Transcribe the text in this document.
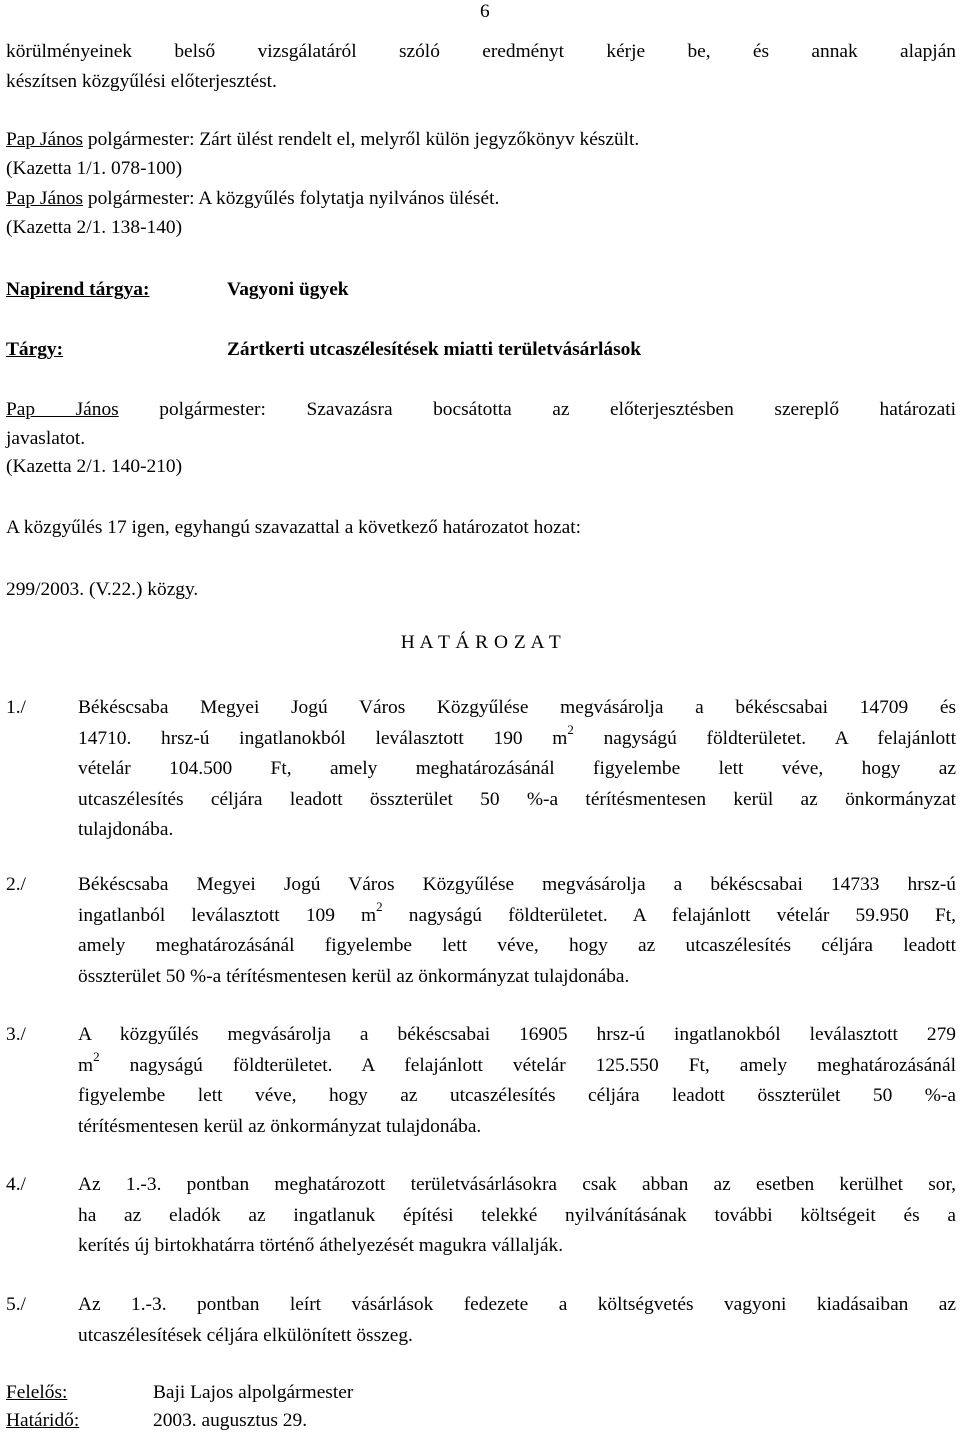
6
körülményeinek belső vizsgálatáról szóló eredményt kérje be, és annak alapján
készítsen közgyűlési előterjesztést.
Pap János polgármester: Zárt ülést rendelt el, melyről külön jegyzőkönyv készült.
(Kazetta 1/1. 078-100)
Pap János polgármester: A közgyűlés folytatja nyilvános ülését.
(Kazetta 2/1. 138-140)
Napirend tárgya:	Vagyoni ügyek
Tárgy:	Zártkerti utcaszélesítések miatti területvásárlások
Pap János polgármester: Szavazásra bocsátotta az előterjesztésben szereplő határozati
javaslatot.
(Kazetta 2/1. 140-210)
A közgyűlés 17 igen, egyhangú szavazattal a következő határozatot hozat:
299/2003. (V.22.) közgy.
H A T Á R O Z A T
1./	Békéscsaba Megyei Jogú Város Közgyűlése megvásárolja a békéscsabai 14709 és
14710. hrsz-ú ingatlanokból leválasztott 190 $m^2$ nagyságú földterületet. A felajánlott
vételár 104.500 Ft, amely meghatározásánál figyelembe lett véve, hogy az
utcaszélesítés céljára leadott összterület 50 %-a térítésmentesen kerül az önkormányzat
tulajdonába.
2./	Békéscsaba Megyei Jogú Város Közgyűlése megvásárolja a békéscsabai 14733 hrsz-ú
ingatlanból leválasztott 109 $m^2$ nagyságú földterületet. A felajánlott vételár 59.950 Ft,
amely meghatározásánál figyelembe lett véve, hogy az utcaszélesítés céljára leadott
összterület 50 %-a térítésmentesen kerül az önkormányzat tulajdonába.
3./	A közgyűlés megvásárolja a békéscsabai 16905 hrsz-ú ingatlanokból leválasztott 279
$m^2$ nagyságú földterületet. A felajánlott vételár 125.550 Ft, amely meghatározásánál
figyelembe lett véve, hogy az utcaszélesítés céljára leadott összterület 50 %-a
térítésmentesen kerül az önkormányzat tulajdonába.
4./	Az 1.-3. pontban meghatározott területvásárlásokra csak abban az esetben kerülhet sor,
ha az eladók az ingatlanuk építési telekké nyilvánításának további költségeit és a
kerítés új birtokhatárra történő áthelyezését magukra vállalják.
5./	Az 1.-3. pontban leírt vásárlások fedezete a költségvetés vagyoni kiadásaiban az
utcaszélesítések céljára elkülönített összeg.
Felelős:	Baji Lajos alpolgármester
Határidő:	2003. augusztus 29.
